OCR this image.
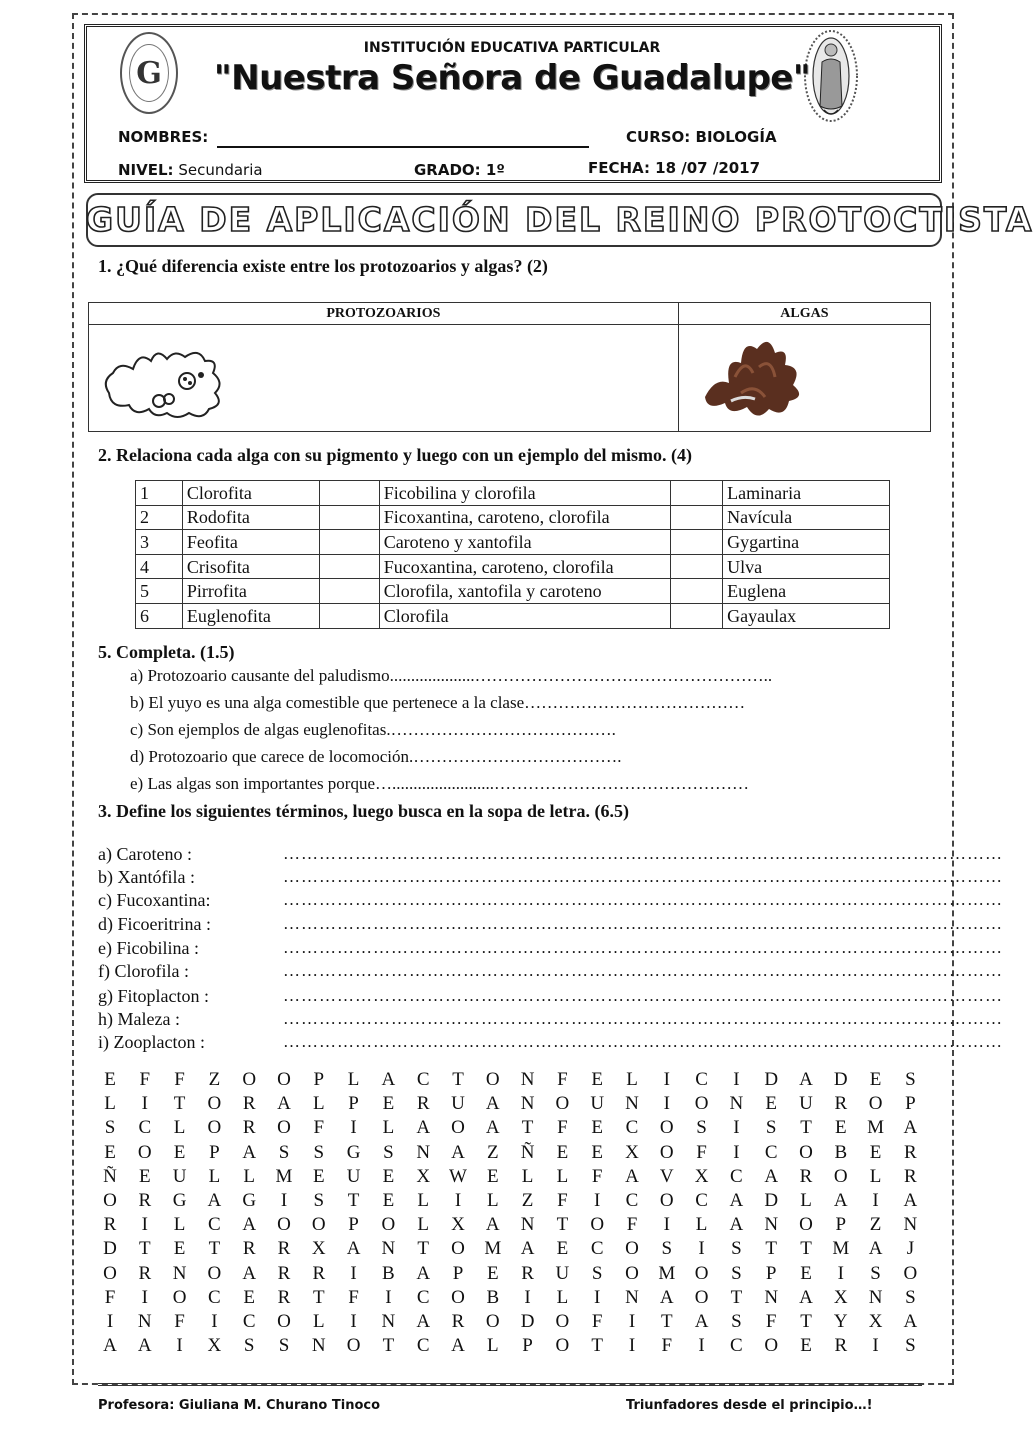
G
INSTITUCIÓN EDUCATIVA PARTICULAR
"Nuestra Señora de Guadalupe"
NOMBRES:	CURSO: BIOLOGÍA
NIVEL: Secundaria	GRADO: 1º	FECHA: 18 /07 /2017
GUÍA DE APLICACIÓN DEL REINO PROTOCTISTA
1. ¿Qué diferencia existe entre los protozoarios y algas? (2)
PROTOZOARIOS	ALGAS

2. Relaciona cada alga con su pigmento y luego con un ejemplo del mismo. (4)
1	Clorofita		Ficobilina y clorofila		Laminaria
2	Rodofita		Ficoxantina, caroteno, clorofila		Navícula
3	Feofita		Caroteno y xantofila		Gygartina
4	Crisofita		Fucoxantina, caroteno, clorofila		Ulva
5	Pirrofita		Clorofila, xantofila y caroteno		Euglena
6	Euglenofita		Clorofila		Gayaulax
5. Completa. (1.5)
a) Protozoario causante del paludismo....................……………………………………………..
b) El yuyo es una alga comestible que pertenece a la clase…………………………………
c) Son ejemplos de algas euglenofitas.………………………………….
d) Protozoario que carece de locomoción.……………………………….
e) Las algas son importantes porque…........................………………………………………
3. Define los siguientes términos, luego busca en la sopa de letra. (6.5)
a) Caroteno :	…………………………………………………………………………………………………………
b) Xantófila :	…………………………………………………………………………………………………………
c) Fucoxantina:	…………………………………………………………………………………………………………
d) Ficoeritrina :	…………………………………………………………………………………………………………
e) Ficobilina :	…………………………………………………………………………………………………………
f) Clorofila :	…………………………………………………………………………………………………………
g) Fitoplacton :	…………………………………………………………………………………………………………
h) Maleza :	…………………………………………………………………………………………………………
i) Zooplacton :	…………………………………………………………………………………………………………
E F F Z O O P L A C T O N F E L	I	C	I	D A D E S
L	I	T O R A L P E R U A N O U N	I	O N E U R O P
S C L O R O F	I	L A O A T F E C O S	I	S T E M A
E O E P A S S G S N A Z Ñ E E X O F	I	C O B E R
Ñ E U L L M E U E X W E L L F A V X C A R O L R
O R G A G	I	S T E L	I	L Z F	I	C O C A D L A	I	A
R	I	L C A O O P O L X A N T O F	I	L A N O P Z N
D T E T R R X A N T O M A E C O S	I	S T T M A	J
O R N O A R R	I	B A P E R U S O M O S P E	I	S O
F	I	O C E R T F	I	C O B	I	L	I	N A O T N A X N S
I	N F	I	C O L	I	N A R O D O F	I	T A S F T Y X A
A A	I	X S S N O T C A L P O T	I	F	I	C O E R	I	S
Profesora: Giuliana M. Churano Tinoco	Triunfadores desde el principio…!
